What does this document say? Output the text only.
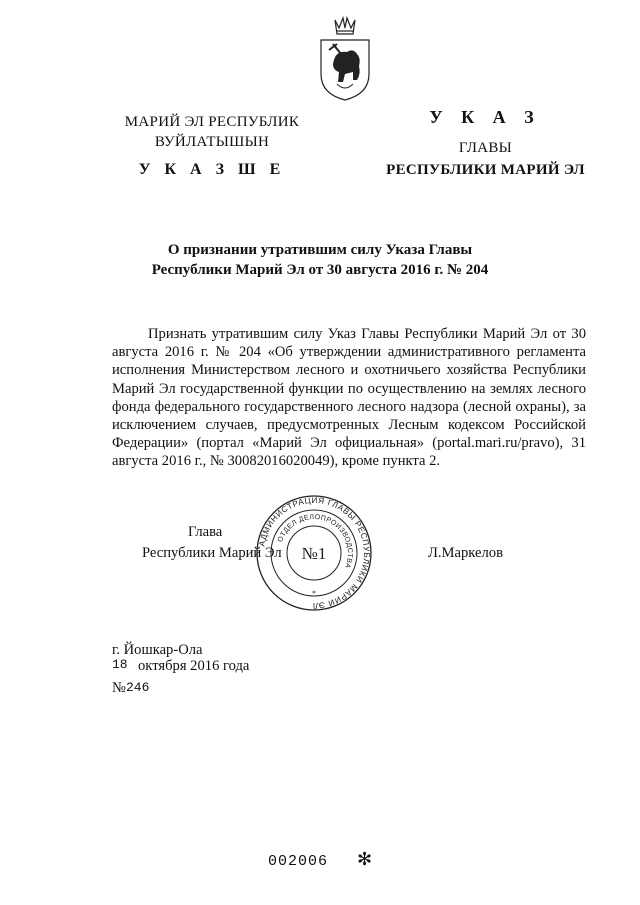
МАРИЙ ЭЛ РЕСПУБЛИК
ВУЙЛАТЫШЫН
У К А З Ш Е
У К А З
ГЛАВЫ
РЕСПУБЛИКИ МАРИЙ ЭЛ
О признании утратившим силу Указа Главы
Республики Марий Эл от 30 августа 2016 г. № 204

Признать утратившим силу Указ Главы Республики Марий Эл от 30 августа 2016 г. № 204 «Об утверждении административного регламента исполнения Министерством лесного и охотничьего хозяйства Республики Марий Эл государственной функции по осуществлению на землях лесного фонда федерального государственного лесного надзора (лесной охраны), за исключением случаев, предусмотренных Лесным кодексом Российской Федерации» (портал «Марий Эл официальная» (portal.mari.ru/pravo), 31 августа 2016 г., № 30082016020049), кроме пункта 2.

АДМИНИСТРАЦИЯ ГЛАВЫ РЕСПУБЛИКИ МАРИЙ ЭЛ
ОТДЕЛ ДЕЛОПРОИЗВОДСТВА
№1
*
Глава
Республики Марий Эл	Л.Маркелов
г. Йошкар-Ола
18 октября 2016 года
№ 246
002006 ✻
